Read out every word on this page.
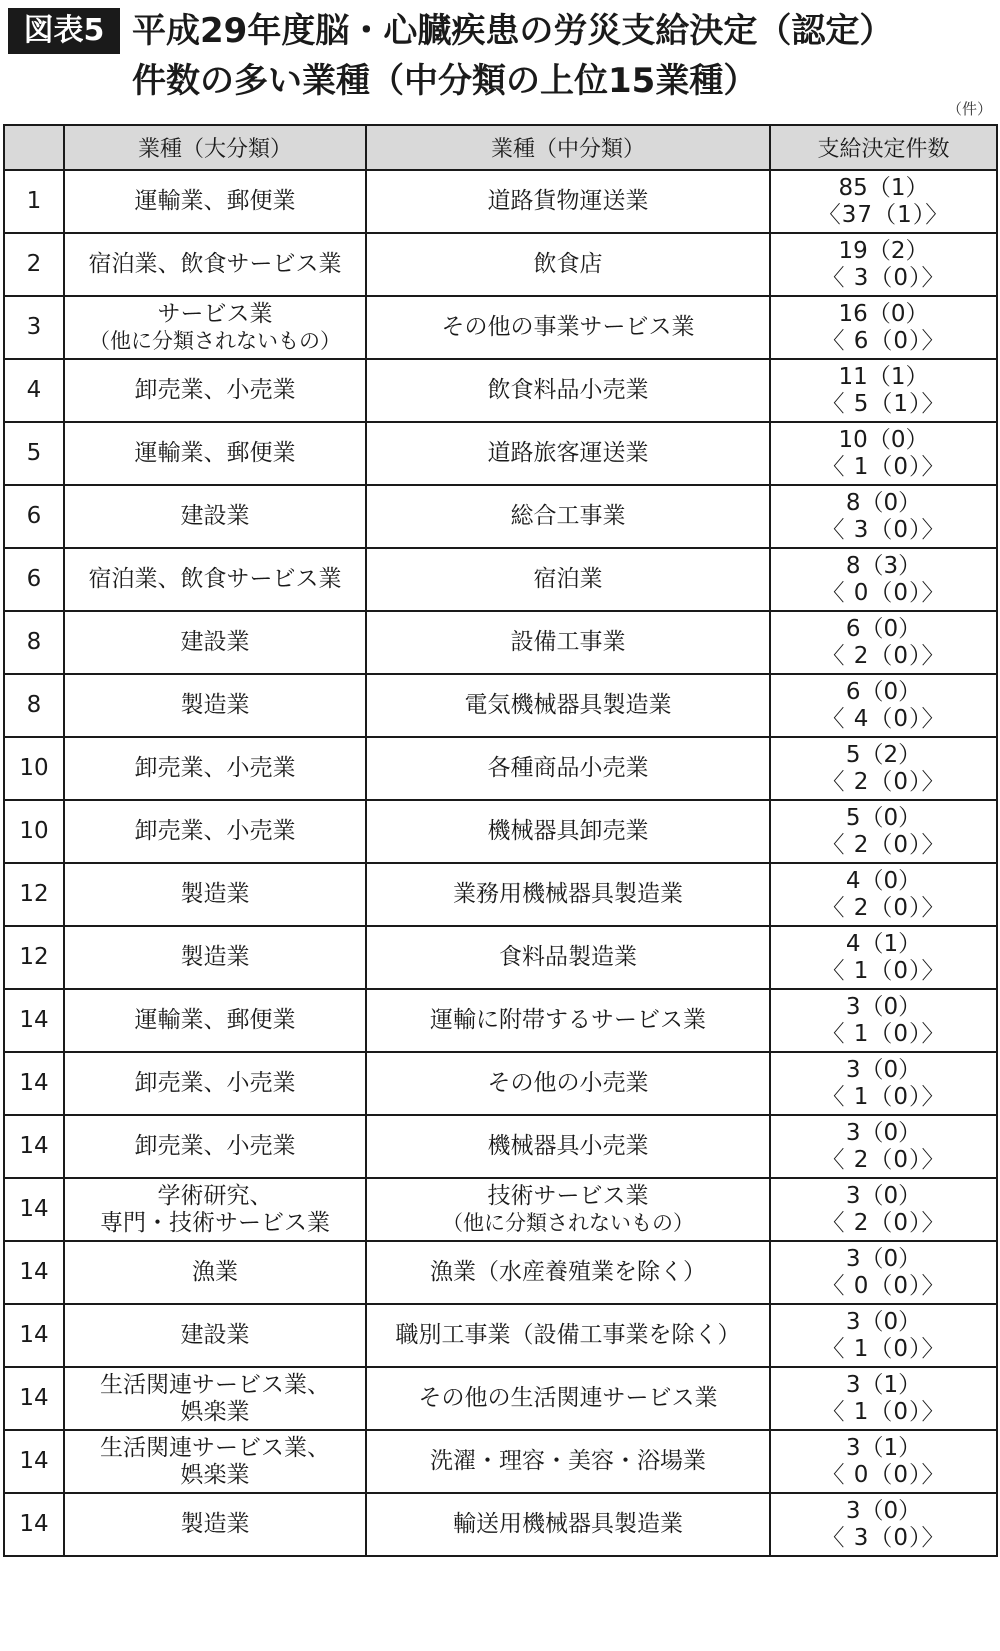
図表5 平成29年度脳・心臓疾患の労災支給決定（認定）
件数の多い業種（中分類の上位15業種）
（件）
	業種（大分類）	業種（中分類）	支給決定件数
1	運輸業、郵便業	道路貨物運送業	85（1）
〈37（1）〉

2	宿泊業、飲食サービス業	飲食店	19（2）
〈 3（0）〉

3	サービス業
（他に分類されないもの）	その他の事業サービス業	16（0）
〈 6（0）〉

4	卸売業、小売業	飲食料品小売業	11（1）
〈 5（1）〉

5	運輸業、郵便業	道路旅客運送業	10（0）
〈 1（0）〉

6	建設業	総合工事業	8（0）
〈 3（0）〉

6	宿泊業、飲食サービス業	宿泊業	8（3）
〈 0（0）〉

8	建設業	設備工事業	6（0）
〈 2（0）〉

8	製造業	電気機械器具製造業	6（0）
〈 4（0）〉

10	卸売業、小売業	各種商品小売業	5（2）
〈 2（0）〉

10	卸売業、小売業	機械器具卸売業	5（0）
〈 2（0）〉

12	製造業	業務用機械器具製造業	4（0）
〈 2（0）〉

12	製造業	食料品製造業	4（1）
〈 1（0）〉

14	運輸業、郵便業	運輸に附帯するサービス業	3（0）
〈 1（0）〉

14	卸売業、小売業	その他の小売業	3（0）
〈 1（0）〉

14	卸売業、小売業	機械器具小売業	3（0）
〈 2（0）〉

14	学術研究、
専門・技術サービス業	技術サービス業
（他に分類されないもの）	3（0）
〈 2（0）〉

14	漁業	漁業（水産養殖業を除く）	3（0）
〈 0（0）〉

14	建設業	職別工事業（設備工事業を除く）	3（0）
〈 1（0）〉

14	生活関連サービス業、
娯楽業	その他の生活関連サービス業	3（1）
〈 1（0）〉

14	生活関連サービス業、
娯楽業	洗濯・理容・美容・浴場業	3（1）
〈 0（0）〉

14	製造業	輸送用機械器具製造業	3（0）
〈 3（0）〉
